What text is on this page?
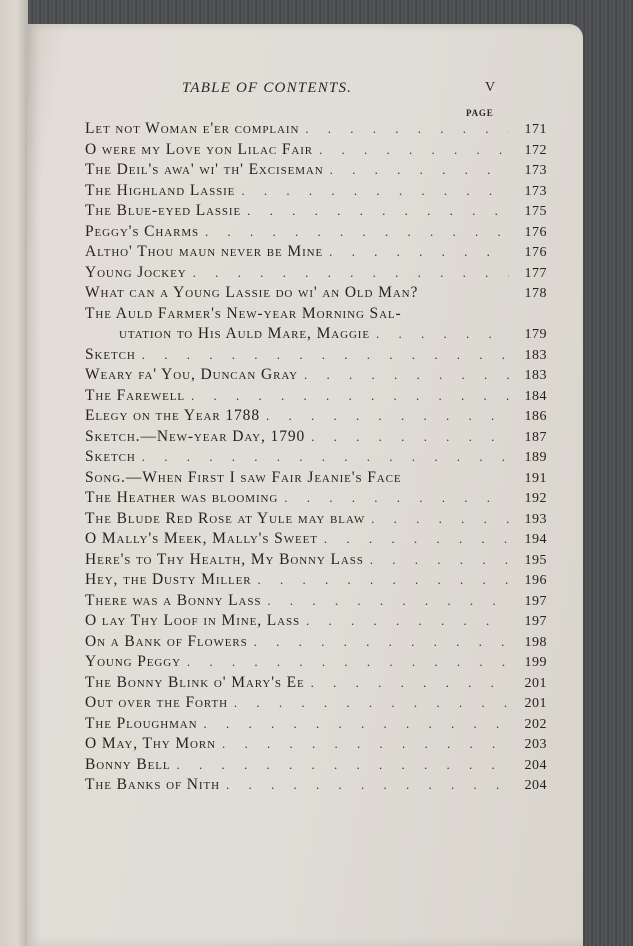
TABLE OF CONTENTS.	V
PAGE
Let not Woman e'er complain . . .	171
O were my Love yon Lilac Fair . . .	172
The Deil's awa' wi' th' Exciseman . . .	173
The Highland Lassie . . .	173
The Blue-eyed Lassie . . .	175
Peggy's Charms . . .	176
Altho' Thou maun never be Mine . . .	176
Young Jockey . . .	177
What can a Young Lassie do wi' an Old Man?	178
The Auld Farmer's New-year Morning Sal-
utation to His Auld Mare, Maggie . . .	179
Sketch . . .	183
Weary fa' You, Duncan Gray . . .	183
The Farewell . . .	184
Elegy on the Year 1788 . . .	186
Sketch.—New-year Day, 1790 . . .	187
Sketch . . .	189
Song.—When First I saw Fair Jeanie's Face	191
The Heather was blooming . . .	192
The Blude Red Rose at Yule may blaw . . .	193
O Mally's Meek, Mally's Sweet . . .	194
Here's to Thy Health, My Bonny Lass . . .	195
Hey, the Dusty Miller . . .	196
There was a Bonny Lass . . .	197
O lay Thy Loof in Mine, Lass . . .	197
On a Bank of Flowers . . .	198
Young Peggy . . .	199
The Bonny Blink o' Mary's Ee . . .	201
Out over the Forth . . .	201
The Ploughman . . .	202
O May, Thy Morn . . .	203
Bonny Bell . . .	204
The Banks of Nith . . .	204
